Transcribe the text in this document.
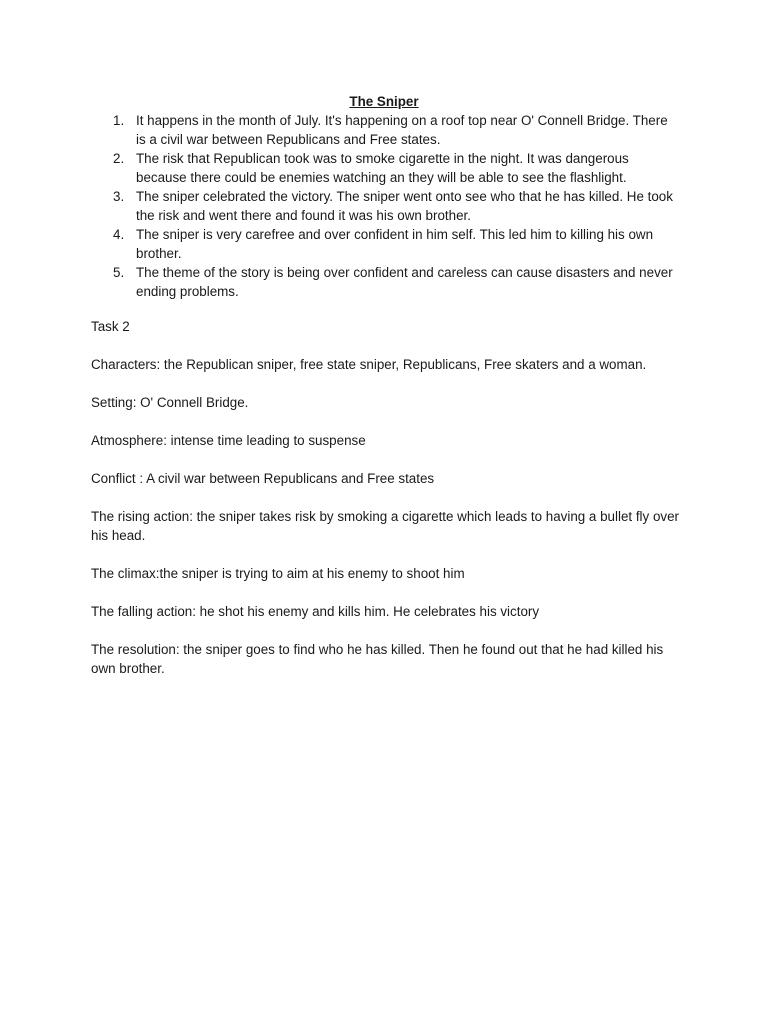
The Sniper
1. It happens in the month of July. It's happening on a roof top near O' Connell Bridge. There is a civil war between Republicans and Free states.
2. The risk that Republican took was to smoke cigarette in the night. It was dangerous because there could be enemies watching an they will be able to see the flashlight.
3. The sniper celebrated the victory. The sniper went onto see who that he has killed. He took the risk and went there and found it was his own brother.
4. The sniper is very carefree and over confident in him self. This led him to killing his own brother.
5. The theme of the story is being over confident and careless can cause disasters and never ending problems.

Task 2

Characters: the Republican sniper, free state sniper, Republicans, Free skaters and a woman.

Setting: O' Connell Bridge.

Atmosphere: intense time leading to suspense

Conflict : A civil war between Republicans and Free states

The rising action: the sniper takes risk by smoking a cigarette which leads to having a bullet fly over his head.

The climax:the sniper is trying to aim at his enemy to shoot him

The falling action: he shot his enemy and kills him. He celebrates his victory

The resolution: the sniper goes to find who he has killed. Then he found out that he had killed his own brother.
